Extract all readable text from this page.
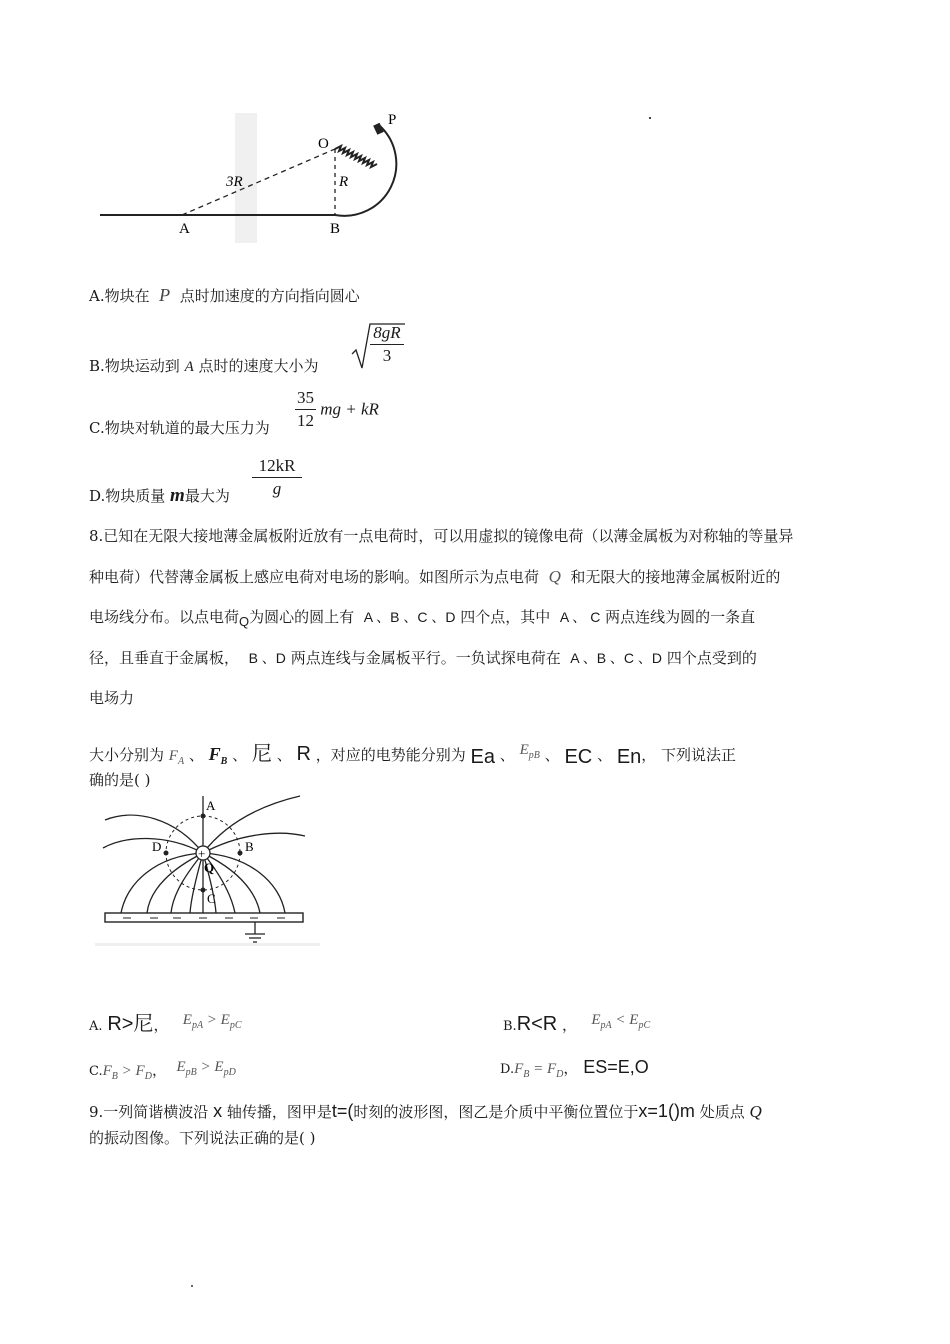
P
O
3R	R
A	B
A.物块在 P 点时加速度的方向指向圆心
B.物块运动到 A 点时的速度大小为
8gR
3
C.物块对轨道的最大压力为 $\frac{35}{12}$ mg + kR
D.物块质量 m最大为
12kR
g
8.已知在无限大接地薄金属板附近放有一点电荷时，可以用虚拟的镜像电荷（以薄金属板为对称轴的等量异
种电荷）代替薄金属板上感应电荷对电场的影响。如图所示为点电荷 Q 和无限大的接地薄金属板附近的
电场线分布。以点电荷Q为圆心的圆上有 A 、B 、C 、D 四个点，其中 A 、 C 两点连线为圆的一条直
径，且垂直于金属板， B 、D 两点连线与金属板平行。一负试探电荷在 A 、B 、C 、D 四个点受到的
电场力
大小分别为 $F_A$ 、 $F_B$ 、 尼 、 R ，对应的电势能分别为 Ea 、 $E_{pB}$ 、 EC 、 En， 下列说法正
确的是( )
+
A
B
C
D
Q
A. R>尼， $E_{pA} > E_{pC}$	B.R<R ， $E_{pA} < E_{pC}$
$C.F_B > F_D$， $E_{pB} > E_{pD}$	$D.F_B = F_D$， ES=E,O
9.一列简谐横波沿 x 轴传播，图甲是t=(时刻的波形图，图乙是介质中平衡位置位于x=1()m 处质点 Q
的振动图像。下列说法正确的是( )
